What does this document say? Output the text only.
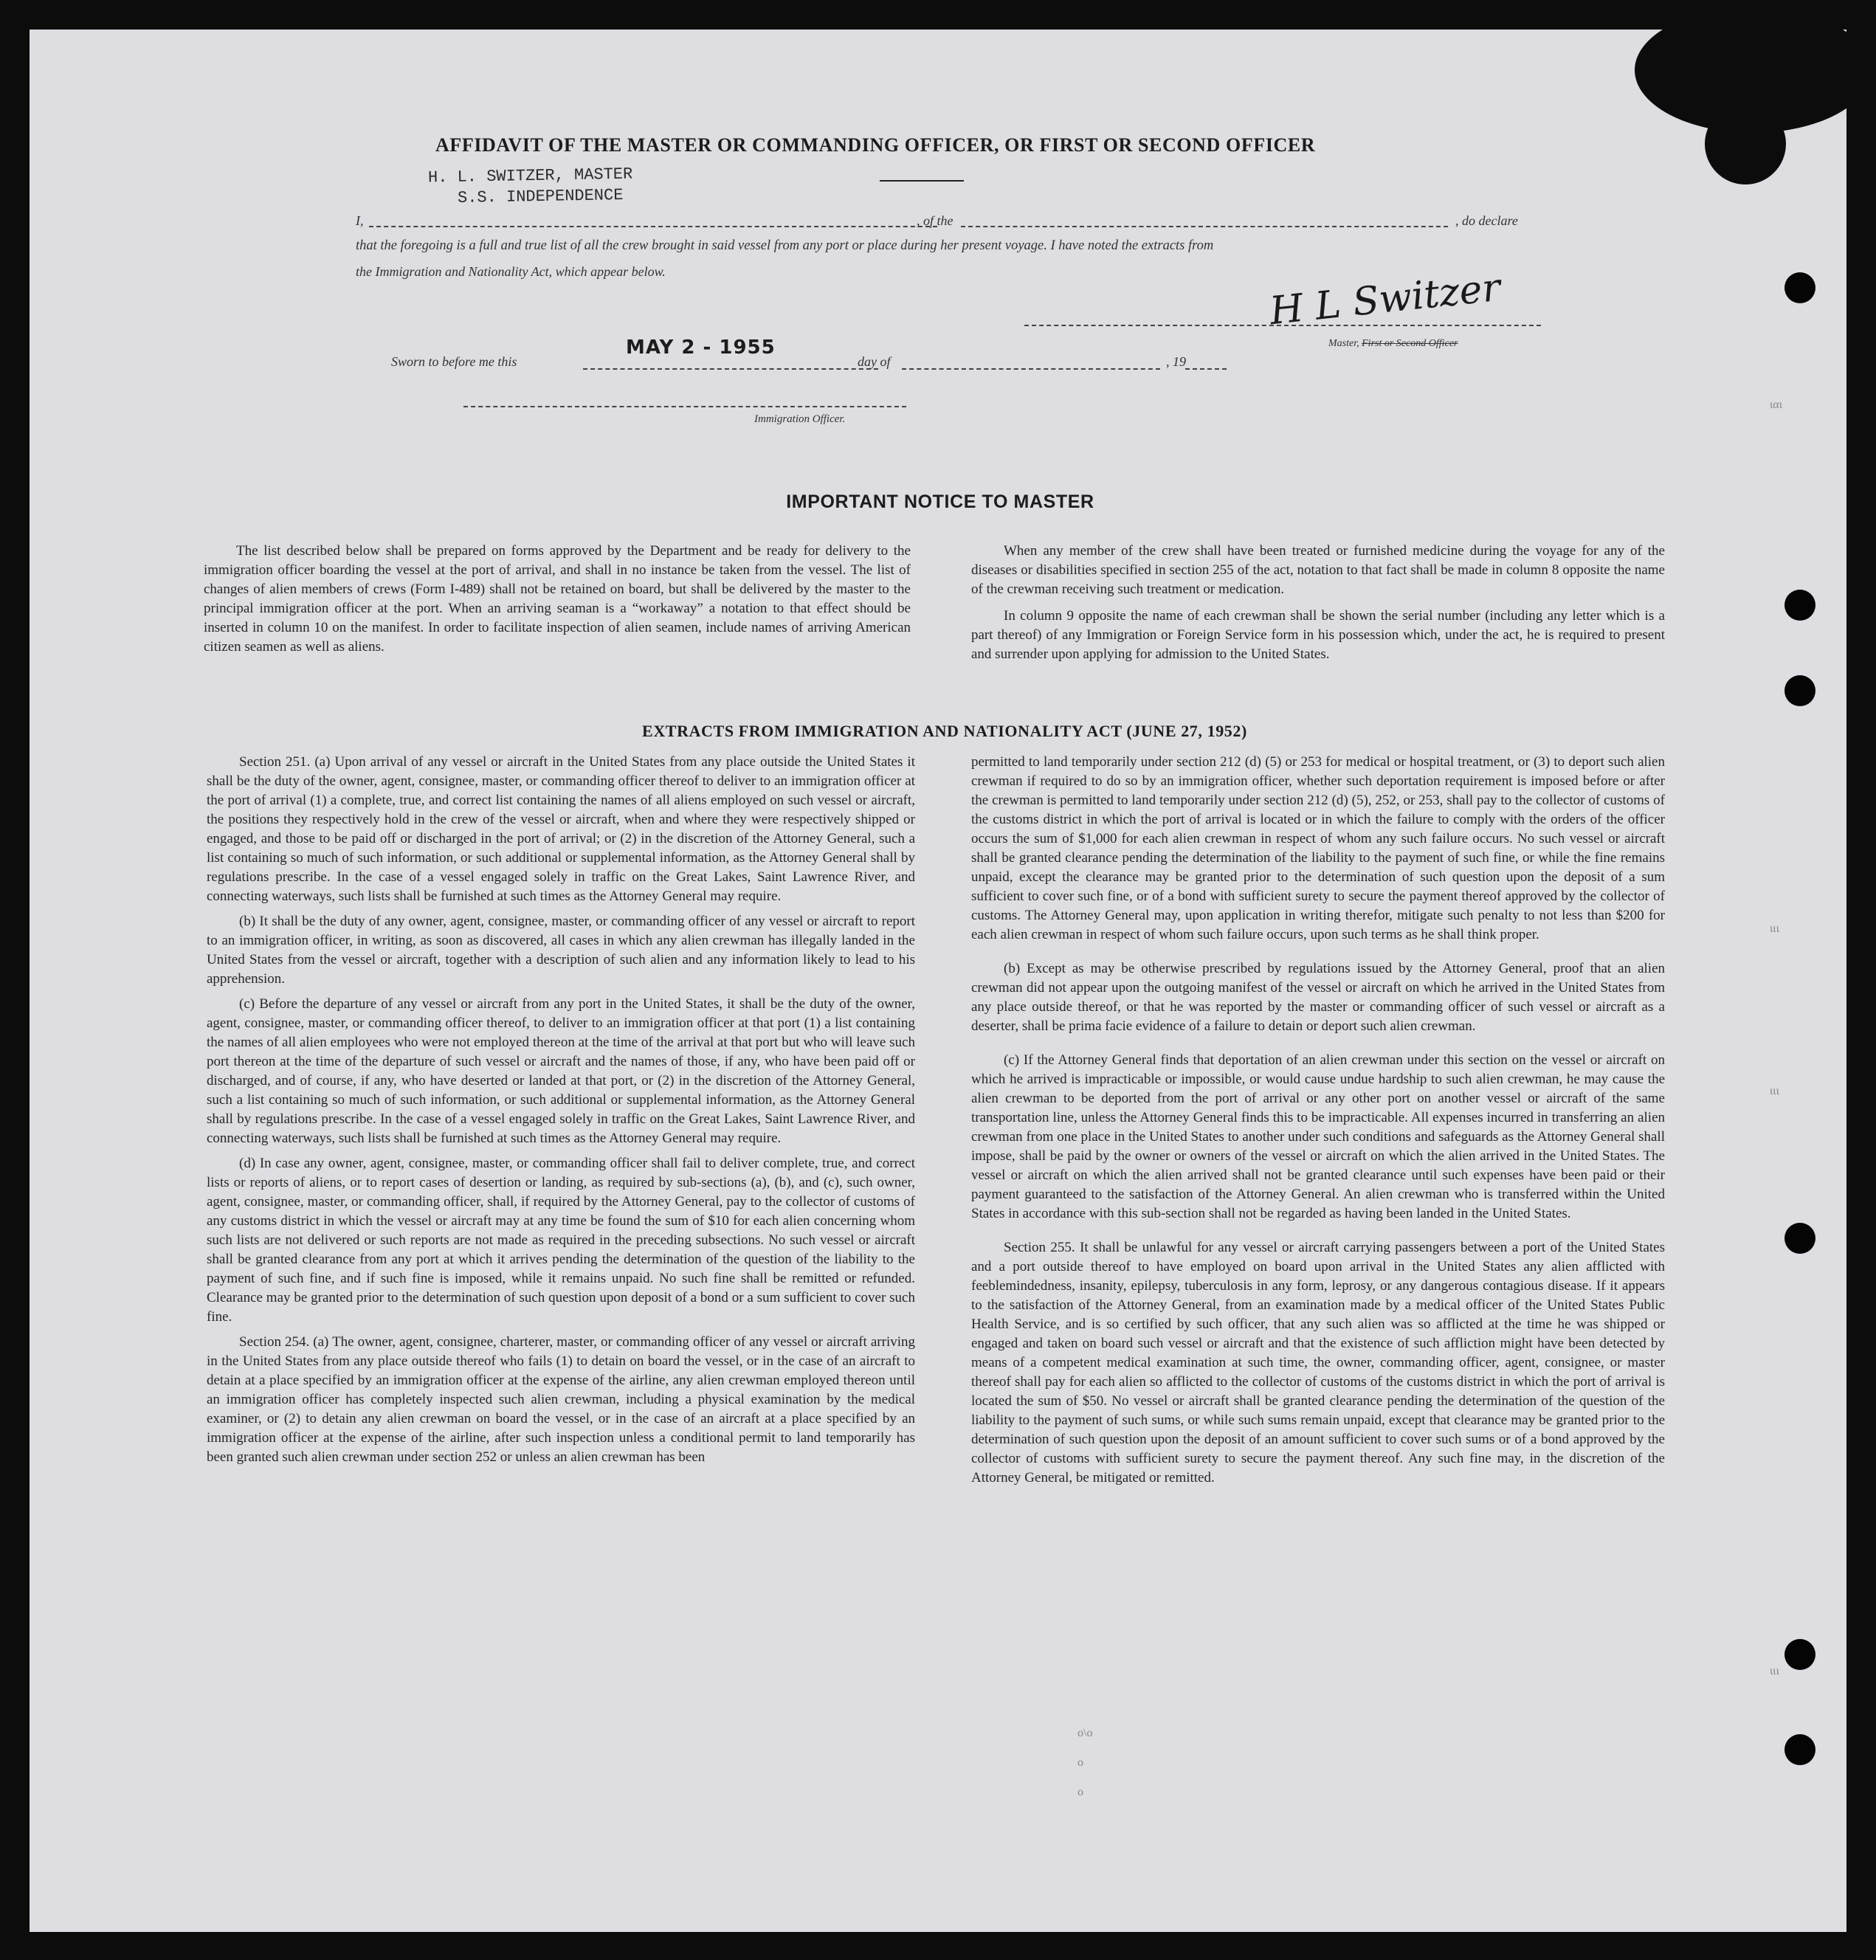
AFFIDAVIT OF THE MASTER OR COMMANDING OFFICER, OR FIRST OR SECOND OFFICER
H. L. SWITZER, MASTER
S.S. INDEPENDENCE
I,	, of the	, do declare
that the foregoing is a full and true list of all the crew brought in said vessel from any port or place during her present voyage. I have noted the extracts from
the Immigration and Nationality Act, which appear below.	H L Switzer
Master, First or Second Officer
Sworn to before me this
MAY 2 - 1955
day of	, 19
Immigration Officer.
IMPORTANT NOTICE TO MASTER

The list described below shall be prepared on forms approved by the Department and be ready for delivery to the immigration officer boarding the vessel at the port of arrival, and shall in no instance be taken from the vessel. The list of changes of alien members of crews (Form I-489) shall not be retained on board, but shall be delivered by the master to the principal immigration officer at the port. When an arriving seaman is a “workaway” a notation to that effect should be inserted in column 10 on the manifest. In order to facilitate inspection of alien seamen, include names of arriving American citizen seamen as well as aliens.

When any member of the crew shall have been treated or furnished medicine during the voyage for any of the diseases or disabilities specified in section 255 of the act, notation to that fact shall be made in column 8 opposite the name of the crewman receiving such treatment or medication.

In column 9 opposite the name of each crewman shall be shown the serial number (including any letter which is a part thereof) of any Immigration or Foreign Service form in his possession which, under the act, he is required to present and surrender upon applying for admission to the United States.

EXTRACTS FROM IMMIGRATION AND NATIONALITY ACT (JUNE 27, 1952)

Section 251. (a) Upon arrival of any vessel or aircraft in the United States from any place outside the United States it shall be the duty of the owner, agent, consignee, master, or commanding officer thereof to deliver to an immigration officer at the port of arrival (1) a complete, true, and correct list containing the names of all aliens employed on such vessel or aircraft, the positions they respectively hold in the crew of the vessel or aircraft, when and where they were respectively shipped or engaged, and those to be paid off or discharged in the port of arrival; or (2) in the discretion of the Attorney General, such a list containing so much of such information, or such additional or supplemental information, as the Attorney General shall by regulations prescribe. In the case of a vessel engaged solely in traffic on the Great Lakes, Saint Lawrence River, and connecting waterways, such lists shall be furnished at such times as the Attorney General may require.

(b) It shall be the duty of any owner, agent, consignee, master, or commanding officer of any vessel or aircraft to report to an immigration officer, in writing, as soon as discovered, all cases in which any alien crewman has illegally landed in the United States from the vessel or aircraft, together with a description of such alien and any information likely to lead to his apprehension.

(c) Before the departure of any vessel or aircraft from any port in the United States, it shall be the duty of the owner, agent, consignee, master, or commanding officer thereof, to deliver to an immigration officer at that port (1) a list containing the names of all alien employees who were not employed thereon at the time of the arrival at that port but who will leave such port thereon at the time of the departure of such vessel or aircraft and the names of those, if any, who have been paid off or discharged, and of course, if any, who have deserted or landed at that port, or (2) in the discretion of the Attorney General, such a list containing so much of such information, or such additional or supplemental information, as the Attorney General shall by regulations prescribe. In the case of a vessel engaged solely in traffic on the Great Lakes, Saint Lawrence River, and connecting waterways, such lists shall be furnished at such times as the Attorney General may require.

(d) In case any owner, agent, consignee, master, or commanding officer shall fail to deliver complete, true, and correct lists or reports of aliens, or to report cases of desertion or landing, as required by sub-sections (a), (b), and (c), such owner, agent, consignee, master, or commanding officer, shall, if required by the Attorney General, pay to the collector of customs of any customs district in which the vessel or aircraft may at any time be found the sum of $10 for each alien concerning whom such lists are not delivered or such reports are not made as required in the preceding subsections. No such vessel or aircraft shall be granted clearance from any port at which it arrives pending the determination of the question of the liability to the payment of such fine, and if such fine is imposed, while it remains unpaid. No such fine shall be remitted or refunded. Clearance may be granted prior to the determination of such question upon deposit of a bond or a sum sufficient to cover such fine.

Section 254. (a) The owner, agent, consignee, charterer, master, or commanding officer of any vessel or aircraft arriving in the United States from any place outside thereof who fails (1) to detain on board the vessel, or in the case of an aircraft to detain at a place specified by an immigration officer at the expense of the airline, any alien crewman employed thereon until an immigration officer has completely inspected such alien crewman, including a physical examination by the medical examiner, or (2) to detain any alien crewman on board the vessel, or in the case of an aircraft at a place specified by an immigration officer at the expense of the airline, after such inspection unless a conditional permit to land temporarily has been granted such alien crewman under section 252 or unless an alien crewman has been

permitted to land temporarily under section 212 (d) (5) or 253 for medical or hospital treatment, or (3) to deport such alien crewman if required to do so by an immigration officer, whether such deportation requirement is imposed before or after the crewman is permitted to land temporarily under section 212 (d) (5), 252, or 253, shall pay to the collector of customs of the customs district in which the port of arrival is located or in which the failure to comply with the orders of the officer occurs the sum of $1,000 for each alien crewman in respect of whom any such failure occurs. No such vessel or aircraft shall be granted clearance pending the determination of the liability to the payment of such fine, or while the fine remains unpaid, except the clearance may be granted prior to the determination of such question upon the deposit of a sum sufficient to cover such fine, or of a bond with sufficient surety to secure the payment thereof approved by the collector of customs. The Attorney General may, upon application in writing therefor, mitigate such penalty to not less than $200 for each alien crewman in respect of whom such failure occurs, upon such terms as he shall think proper.

(b) Except as may be otherwise prescribed by regulations issued by the Attorney General, proof that an alien crewman did not appear upon the outgoing manifest of the vessel or aircraft on which he arrived in the United States from any place outside thereof, or that he was reported by the master or commanding officer of such vessel or aircraft as a deserter, shall be prima facie evidence of a failure to detain or deport such alien crewman.

(c) If the Attorney General finds that deportation of an alien crewman under this section on the vessel or aircraft on which he arrived is impracticable or impossible, or would cause undue hardship to such alien crewman, he may cause the alien crewman to be deported from the port of arrival or any other port on another vessel or aircraft of the same transportation line, unless the Attorney General finds this to be impracticable. All expenses incurred in transferring an alien crewman from one place in the United States to another under such conditions and safeguards as the Attorney General shall impose, shall be paid by the owner or owners of the vessel or aircraft on which the alien arrived in the United States. The vessel or aircraft on which the alien arrived shall not be granted clearance until such expenses have been paid or their payment guaranteed to the satisfaction of the Attorney General. An alien crewman who is transferred within the United States in accordance with this sub-section shall not be regarded as having been landed in the United States.

Section 255. It shall be unlawful for any vessel or aircraft carrying passengers between a port of the United States and a port outside thereof to have employed on board upon arrival in the United States any alien afflicted with feeblemindedness, insanity, epilepsy, tuberculosis in any form, leprosy, or any dangerous contagious disease. If it appears to the satisfaction of the Attorney General, from an examination made by a medical officer of the United States Public Health Service, and is so certified by such officer, that any such alien was so afflicted at the time he was shipped or engaged and taken on board such vessel or aircraft and that the existence of such affliction might have been detected by means of a competent medical examination at such time, the owner, commanding officer, agent, consignee, or master thereof shall pay for each alien so afflicted to the collector of customs of the customs district in which the port of arrival is located the sum of $50. No vessel or aircraft shall be granted clearance pending the determination of the question of the liability to the payment of such sums, or while such sums remain unpaid, except that clearance may be granted prior to the determination of such question upon the deposit of an amount sufficient to cover such sums or of a bond approved by the collector of customs with sufficient surety to secure the payment thereof. Any such fine may, in the discretion of the Attorney General, be mitigated or remitted.

ιαι
ιιι
ιιι
ιιι
o\o
o
o
